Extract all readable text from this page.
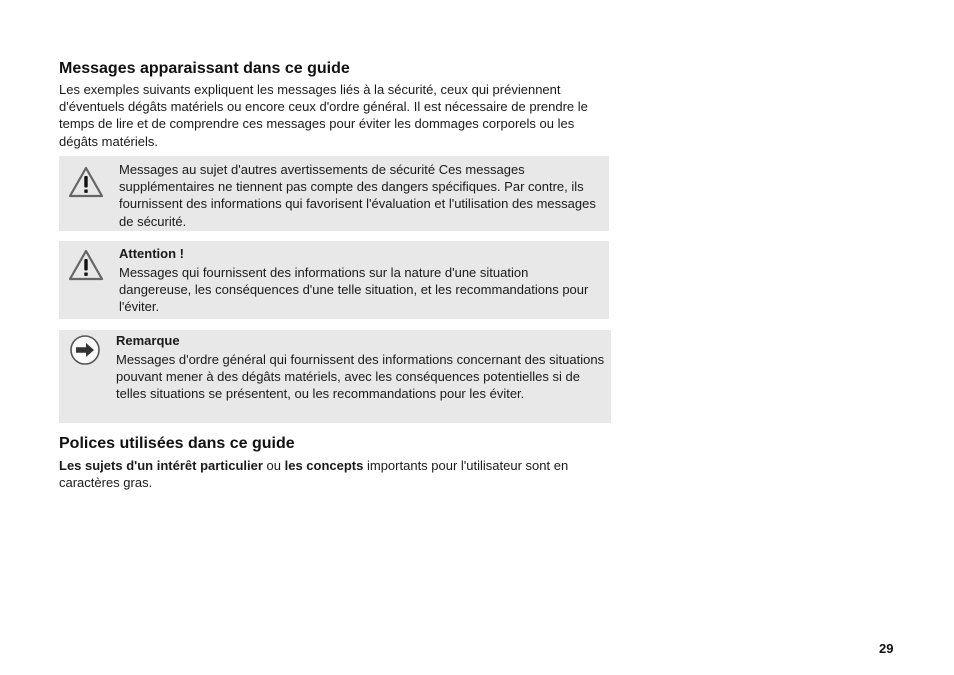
Messages apparaissant dans ce guide

Les exemples suivants expliquent les messages liés à la sécurité, ceux qui préviennent d'éventuels dégâts matériels ou encore ceux d'ordre général. Il est nécessaire de prendre le temps de lire et de comprendre ces messages pour éviter les dommages corporels ou les dégâts matériels.

Messages au sujet d'autres avertissements de sécurité Ces messages supplémentaires ne tiennent pas compte des dangers spécifiques. Par contre, ils fournissent des informations qui favorisent l'évaluation et l'utilisation des messages de sécurité.
Attention !
Messages qui fournissent des informations sur la nature d'une situation dangereuse, les conséquences d'une telle situation, et les recommandations pour l'éviter.
Remarque
Messages d'ordre général qui fournissent des informations concernant des situations pouvant mener à des dégâts matériels, avec les conséquences potentielles si de telles situations se présentent, ou les recommandations pour les éviter.
Polices utilisées dans ce guide

Les sujets d'un intérêt particulier ou les concepts importants pour l'utilisateur sont en caractères gras.

29
